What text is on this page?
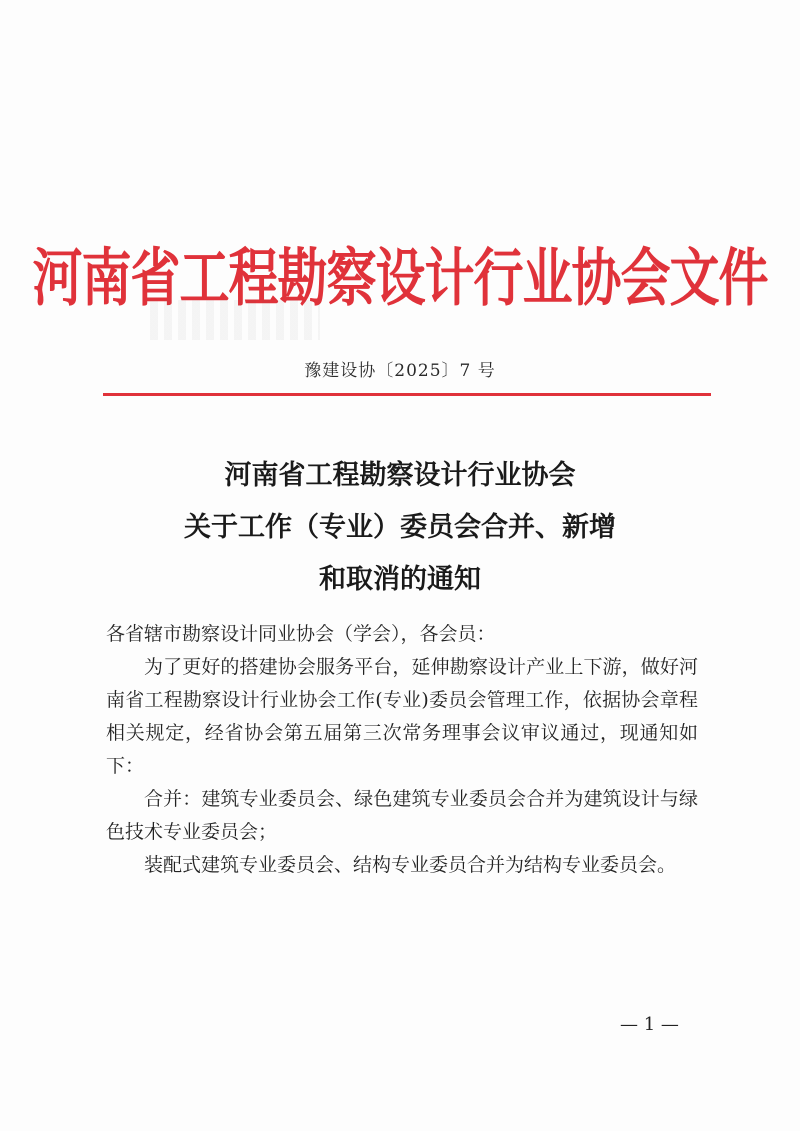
河南省工程勘察设计行业协会文件
豫建设协〔2025〕7 号
河南省工程勘察设计行业协会
关于工作（专业）委员会合并、新增
和取消的通知

各省辖市勘察设计同业协会（学会），各会员：

为了更好的搭建协会服务平台，延伸勘察设计产业上下游，做好河南省工程勘察设计行业协会工作(专业)委员会管理工作，依据协会章程相关规定，经省协会第五届第三次常务理事会议审议通过，现通知如下：

合并：建筑专业委员会、绿色建筑专业委员会合并为建筑设计与绿色技术专业委员会；

装配式建筑专业委员会、结构专业委员合并为结构专业委员会。

— 1 —
